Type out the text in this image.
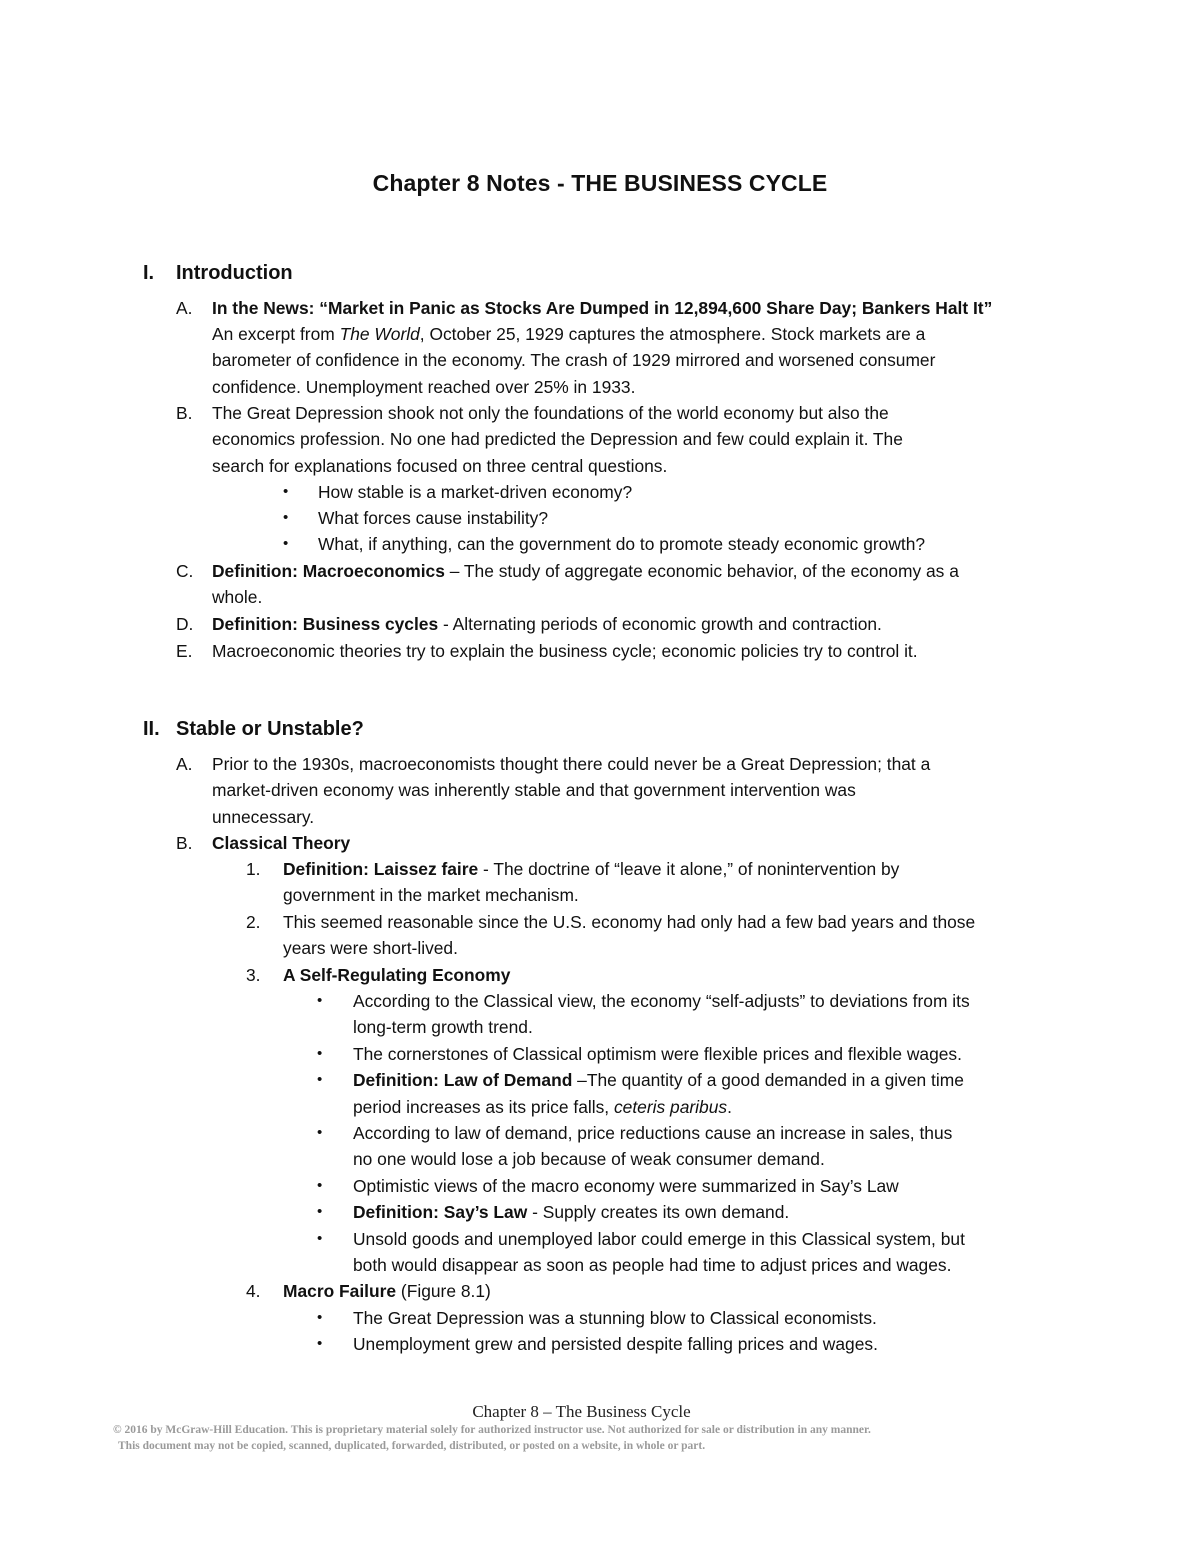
Chapter 8 Notes - THE BUSINESS CYCLE
I. Introduction
A. In the News: “Market in Panic as Stocks Are Dumped in 12,894,600 Share Day; Bankers Halt It”
An excerpt from The World, October 25, 1929 captures the atmosphere. Stock markets are a
barometer of confidence in the economy. The crash of 1929 mirrored and worsened consumer
confidence. Unemployment reached over 25% in 1933.
B. The Great Depression shook not only the foundations of the world economy but also the
economics profession. No one had predicted the Depression and few could explain it. The
search for explanations focused on three central questions.
• How stable is a market-driven economy?
• What forces cause instability?
• What, if anything, can the government do to promote steady economic growth?
C. Definition: Macroeconomics – The study of aggregate economic behavior, of the economy as a
whole.
D. Definition: Business cycles - Alternating periods of economic growth and contraction.
E. Macroeconomic theories try to explain the business cycle; economic policies try to control it.
II. Stable or Unstable?
A. Prior to the 1930s, macroeconomists thought there could never be a Great Depression; that a
market-driven economy was inherently stable and that government intervention was
unnecessary.
B. Classical Theory
1. Definition: Laissez faire - The doctrine of “leave it alone,” of nonintervention by
government in the market mechanism.
2. This seemed reasonable since the U.S. economy had only had a few bad years and those
years were short-lived.
3. A Self-Regulating Economy
• According to the Classical view, the economy “self-adjusts” to deviations from its
long-term growth trend.
• The cornerstones of Classical optimism were flexible prices and flexible wages.
• Definition: Law of Demand –The quantity of a good demanded in a given time
period increases as its price falls, ceteris paribus.
• According to law of demand, price reductions cause an increase in sales, thus
no one would lose a job because of weak consumer demand.
• Optimistic views of the macro economy were summarized in Say’s Law
• Definition: Say’s Law - Supply creates its own demand.
• Unsold goods and unemployed labor could emerge in this Classical system, but
both would disappear as soon as people had time to adjust prices and wages.
4. Macro Failure (Figure 8.1)
• The Great Depression was a stunning blow to Classical economists.
• Unemployment grew and persisted despite falling prices and wages.
Chapter 8 – The Business Cycle
© 2016 by McGraw-Hill Education. This is proprietary material solely for authorized instructor use. Not authorized for sale or distribution in any manner.
This document may not be copied, scanned, duplicated, forwarded, distributed, or posted on a website, in whole or part.
